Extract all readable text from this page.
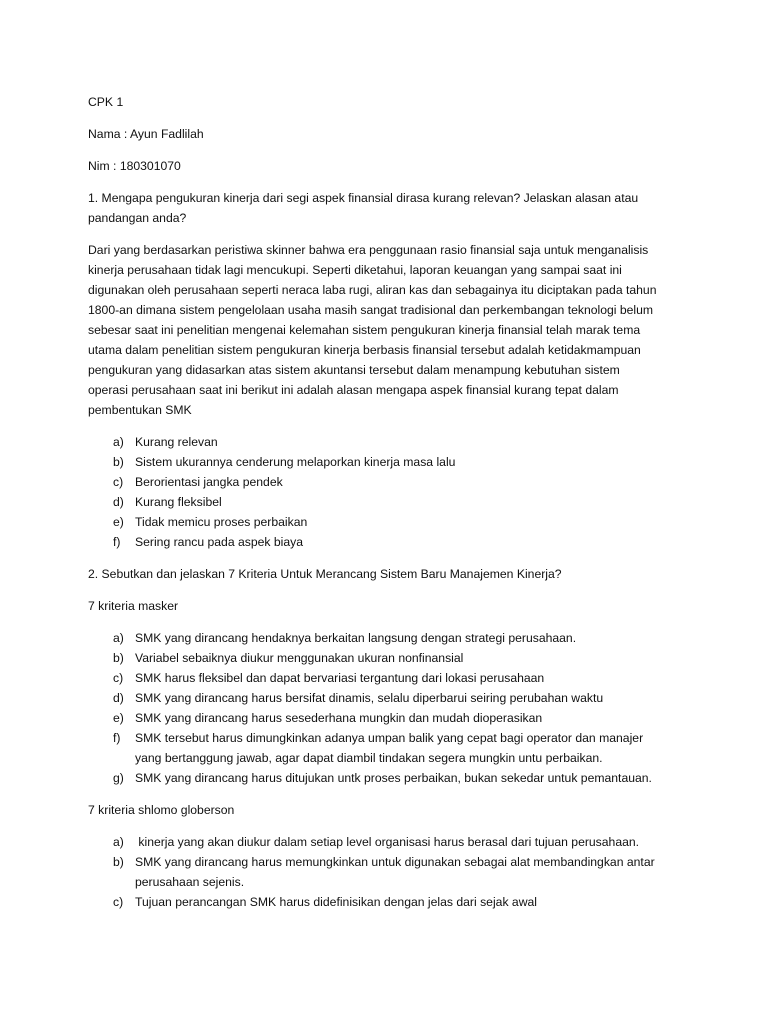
CPK 1

Nama : Ayun Fadlilah

Nim : 180301070

1. Mengapa pengukuran kinerja dari segi aspek finansial dirasa kurang relevan? Jelaskan alasan atau

pandangan anda?

Dari yang berdasarkan peristiwa skinner bahwa era penggunaan rasio finansial saja untuk menganalisis

kinerja perusahaan tidak lagi mencukupi. Seperti diketahui, laporan keuangan yang sampai saat ini

digunakan oleh perusahaan seperti neraca laba rugi, aliran kas dan sebagainya itu diciptakan pada tahun

1800-an dimana sistem pengelolaan usaha masih sangat tradisional dan perkembangan teknologi belum

sebesar saat ini penelitian mengenai kelemahan sistem pengukuran kinerja finansial telah marak tema

utama dalam penelitian sistem pengukuran kinerja berbasis finansial tersebut adalah ketidakmampuan

pengukuran yang didasarkan atas sistem akuntansi tersebut dalam menampung kebutuhan sistem

operasi perusahaan saat ini berikut ini adalah alasan mengapa aspek finansial kurang tepat dalam

pembentukan SMK

a) Kurang relevan
b) Sistem ukurannya cenderung melaporkan kinerja masa lalu
c) Berorientasi jangka pendek
d) Kurang fleksibel
e) Tidak memicu proses perbaikan
f) Sering rancu pada aspek biaya

2. Sebutkan dan jelaskan 7 Kriteria Untuk Merancang Sistem Baru Manajemen Kinerja?

7 kriteria masker

a) SMK yang dirancang hendaknya berkaitan langsung dengan strategi perusahaan.
b) Variabel sebaiknya diukur menggunakan ukuran nonfinansial
c) SMK harus fleksibel dan dapat bervariasi tergantung dari lokasi perusahaan
d) SMK yang dirancang harus bersifat dinamis, selalu diperbarui seiring perubahan waktu
e) SMK yang dirancang harus sesederhana mungkin dan mudah dioperasikan
f) SMK tersebut harus dimungkinkan adanya umpan balik yang cepat bagi operator dan manajer
yang bertanggung jawab, agar dapat diambil tindakan segera mungkin untu perbaikan.
g) SMK yang dirancang harus ditujukan untk proses perbaikan, bukan sekedar untuk pemantauan.

7 kriteria shlomo globerson

a) kinerja yang akan diukur dalam setiap level organisasi harus berasal dari tujuan perusahaan.
b) SMK yang dirancang harus memungkinkan untuk digunakan sebagai alat membandingkan antar
perusahaan sejenis.
c) Tujuan perancangan SMK harus didefinisikan dengan jelas dari sejak awal
